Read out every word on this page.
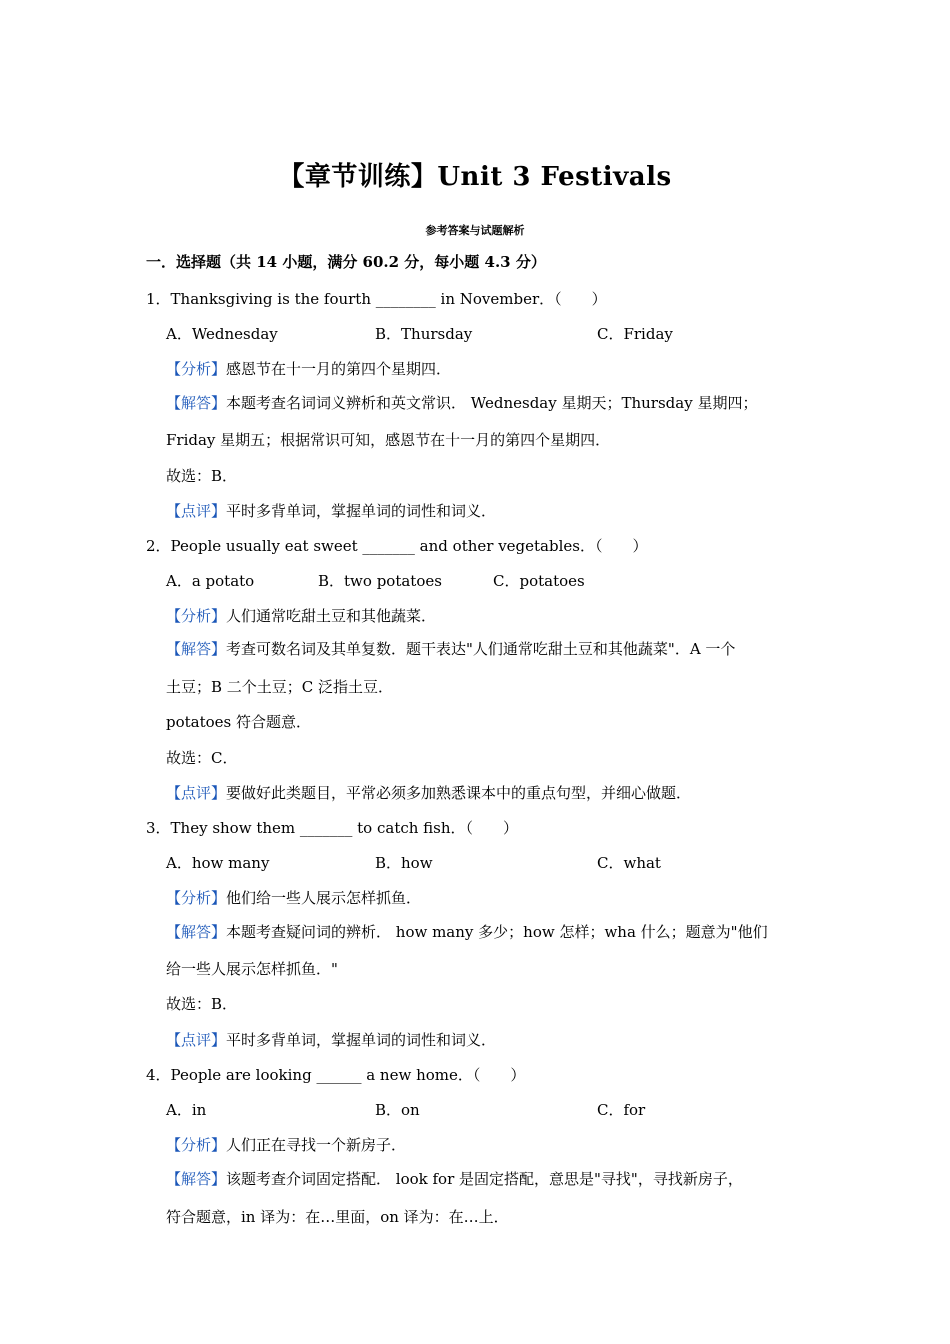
【章节训练】Unit 3 Festivals
参考答案与试题解析
一．选择题（共 14 小题，满分 60.2 分，每小题 4.3 分）
1．Thanksgiving is the fourth ________ in November．（　　）
A．Wednesday	B．Thursday	C．Friday
【分析】感恩节在十一月的第四个星期四．
【解答】本题考查名词词义辨析和英文常识． Wednesday 星期天；Thursday 星期四；
Friday 星期五；根据常识可知，感恩节在十一月的第四个星期四．
故选：B．
【点评】平时多背单词，掌握单词的词性和词义．
2．People usually eat sweet _______ and other vegetables．（　　）
A．a potato	B．two potatoes	C．potatoes
【分析】人们通常吃甜土豆和其他蔬菜．
【解答】考查可数名词及其单复数．题干表达"人们通常吃甜土豆和其他蔬菜"．A 一个
土豆；B 二个土豆；C 泛指土豆．
potatoes 符合题意．
故选：C．
【点评】要做好此类题目，平常必须多加熟悉课本中的重点句型，并细心做题．
3．They show them _______ to catch fish．（　　）
A．how many	B．how	C．what
【分析】他们给一些人展示怎样抓鱼．
【解答】本题考查疑问词的辨析． how many 多少；how 怎样；wha 什么；题意为"他们
给一些人展示怎样抓鱼．"
故选：B．
【点评】平时多背单词，掌握单词的词性和词义．
4．People are looking ______ a new home．（　　）
A．in	B．on	C．for
【分析】人们正在寻找一个新房子．
【解答】该题考查介词固定搭配． look for 是固定搭配，意思是"寻找"，寻找新房子，
符合题意，in 译为：在…里面，on 译为：在…上．
